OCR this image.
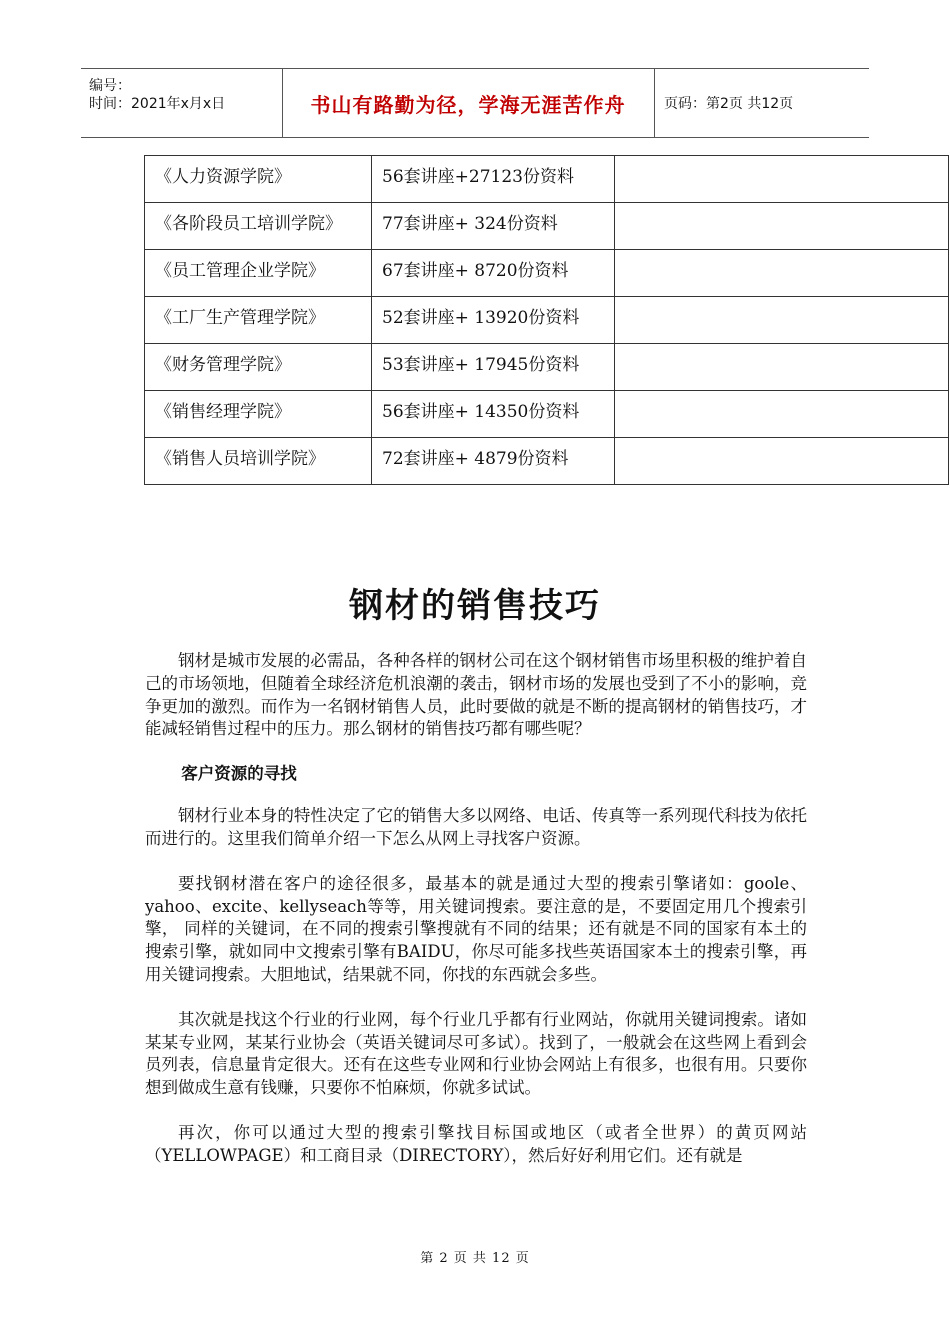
编号：
时间：2021年x月x日	书山有路勤为径，学海无涯苦作舟	页码：第2页 共12页
《人力资源学院》	56套讲座+27123份资料	
《各阶段员工培训学院》	77套讲座+ 324份资料	
《员工管理企业学院》	67套讲座+ 8720份资料	
《工厂生产管理学院》	52套讲座+ 13920份资料	
《财务管理学院》	53套讲座+ 17945份资料	
《销售经理学院》	56套讲座+ 14350份资料	
《销售人员培训学院》	72套讲座+ 4879份资料	
钢材的销售技巧

钢材是城市发展的必需品，各种各样的钢材公司在这个钢材销售市场里积极的维护着自己的市场领地，但随着全球经济危机浪潮的袭击，钢材市场的发展也受到了不小的影响，竞争更加的激烈。而作为一名钢材销售人员，此时要做的就是不断的提高钢材的销售技巧，才能减轻销售过程中的压力。那么钢材的销售技巧都有哪些呢？

客户资源的寻找

钢材行业本身的特性决定了它的销售大多以网络、电话、传真等一系列现代科技为依托而进行的。这里我们简单介绍一下怎么从网上寻找客户资源。

要找钢材潜在客户的途径很多，最基本的就是通过大型的搜索引擎诸如：goole、yahoo、excite、kellyseach等等，用关键词搜索。要注意的是，不要固定用几个搜索引擎， 同样的关键词，在不同的搜索引擎搜就有不同的结果；还有就是不同的国家有本土的搜索引擎，就如同中文搜索引擎有BAIDU，你尽可能多找些英语国家本土的搜索引擎，再用关键词搜索。大胆地试，结果就不同，你找的东西就会多些。

其次就是找这个行业的行业网，每个行业几乎都有行业网站，你就用关键词搜索。诸如某某专业网，某某行业协会（英语关键词尽可多试）。找到了，一般就会在这些网上看到会员列表，信息量肯定很大。还有在这些专业网和行业协会网站上有很多，也很有用。只要你想到做成生意有钱赚，只要你不怕麻烦，你就多试试。

再次，你可以通过大型的搜索引擎找目标国或地区（或者全世界）的黄页网站（YELLOWPAGE）和工商目录（DIRECTORY），然后好好利用它们。还有就是

第 2 页 共 12 页
